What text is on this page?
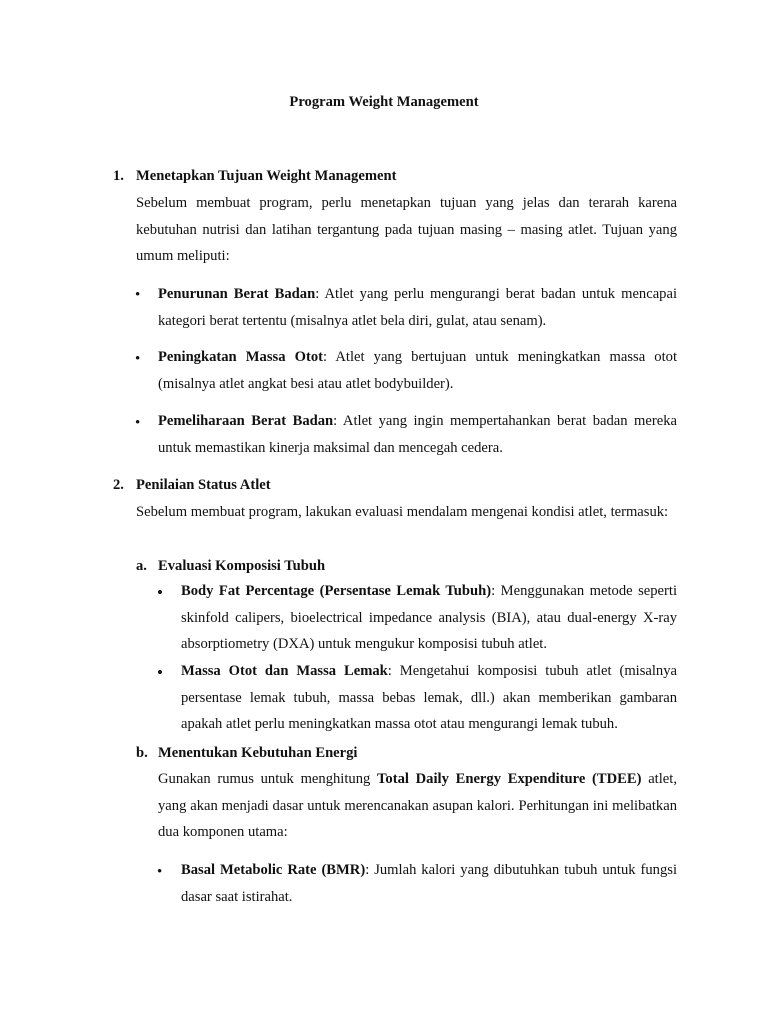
Program Weight Management
1. Menetapkan Tujuan Weight Management
Sebelum membuat program, perlu menetapkan tujuan yang jelas dan terarah karena kebutuhan nutrisi dan latihan tergantung pada tujuan masing – masing atlet. Tujuan yang umum meliputi:
• Penurunan Berat Badan: Atlet yang perlu mengurangi berat badan untuk mencapai kategori berat tertentu (misalnya atlet bela diri, gulat, atau senam).
• Peningkatan Massa Otot: Atlet yang bertujuan untuk meningkatkan massa otot (misalnya atlet angkat besi atau atlet bodybuilder).
• Pemeliharaan Berat Badan: Atlet yang ingin mempertahankan berat badan mereka untuk memastikan kinerja maksimal dan mencegah cedera.
2. Penilaian Status Atlet
Sebelum membuat program, lakukan evaluasi mendalam mengenai kondisi atlet, termasuk:
a. Evaluasi Komposisi Tubuh
• Body Fat Percentage (Persentase Lemak Tubuh): Menggunakan metode seperti skinfold calipers, bioelectrical impedance analysis (BIA), atau dual-energy X-ray absorptiometry (DXA) untuk mengukur komposisi tubuh atlet.
• Massa Otot dan Massa Lemak: Mengetahui komposisi tubuh atlet (misalnya persentase lemak tubuh, massa bebas lemak, dll.) akan memberikan gambaran apakah atlet perlu meningkatkan massa otot atau mengurangi lemak tubuh.
b. Menentukan Kebutuhan Energi
Gunakan rumus untuk menghitung Total Daily Energy Expenditure (TDEE) atlet, yang akan menjadi dasar untuk merencanakan asupan kalori. Perhitungan ini melibatkan dua komponen utama:
• Basal Metabolic Rate (BMR): Jumlah kalori yang dibutuhkan tubuh untuk fungsi dasar saat istirahat.
